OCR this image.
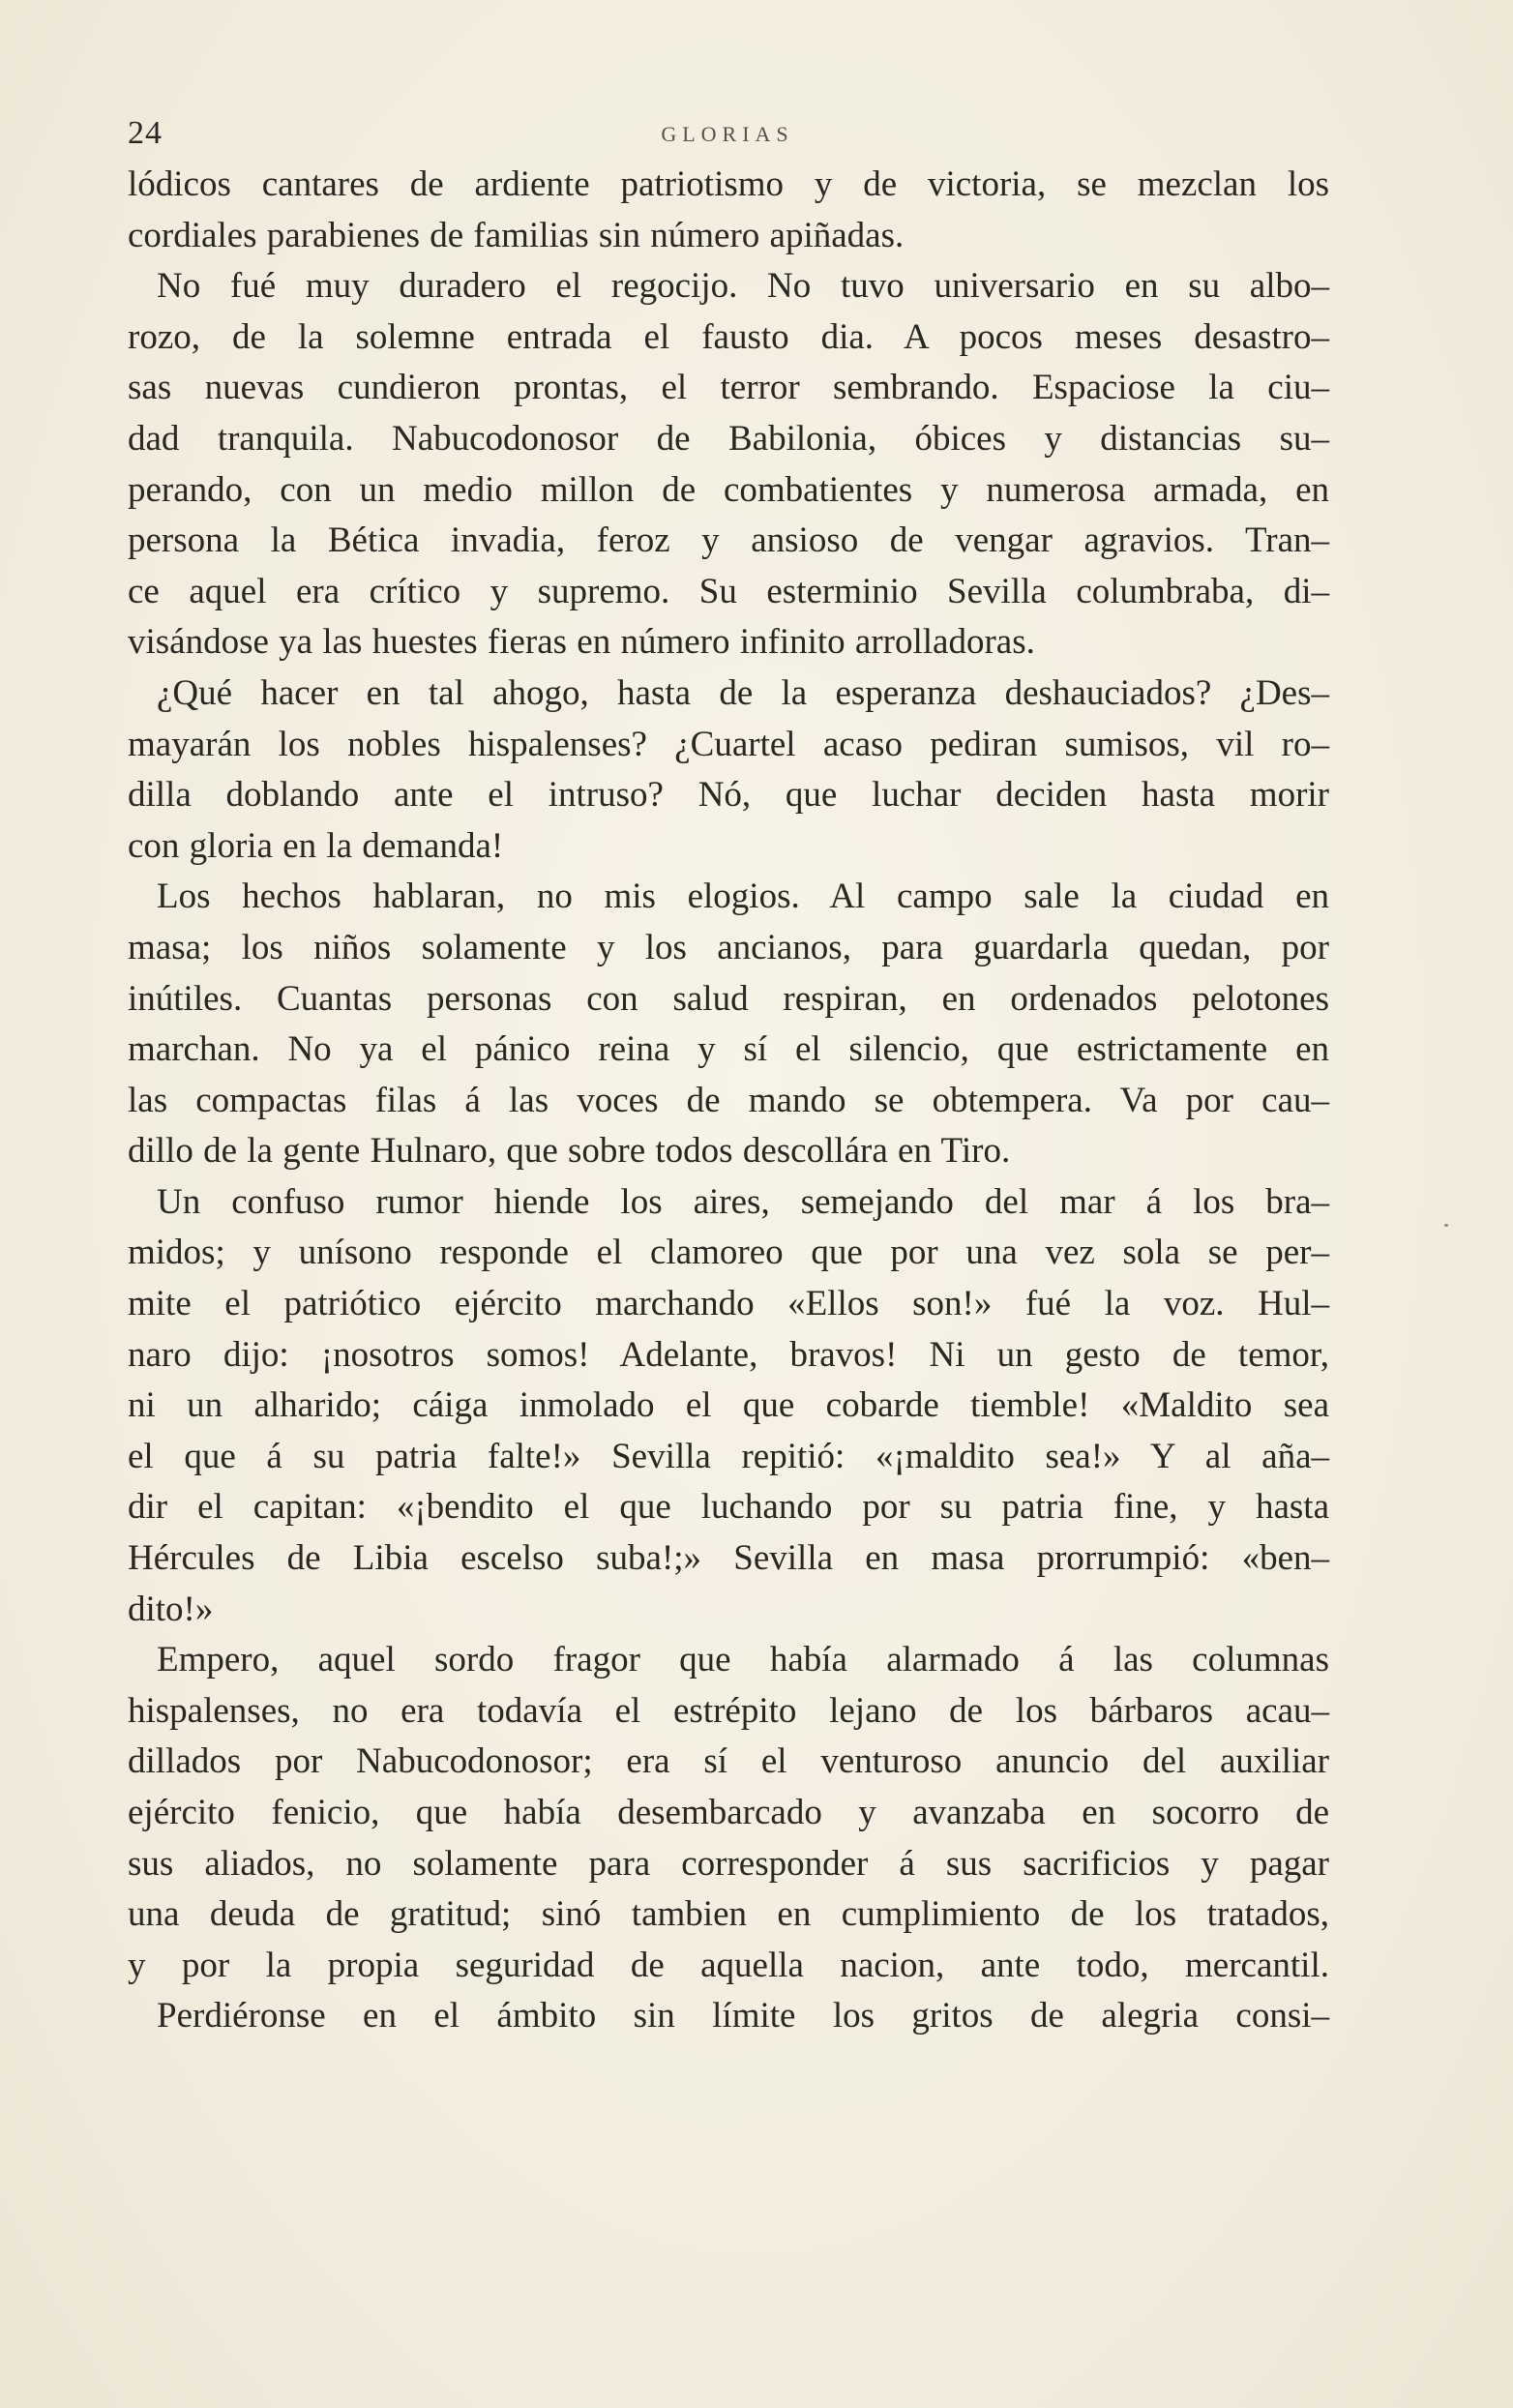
24	GLORIAS

lódicos cantares de ardiente patriotismo y de victoria, se mezclan los

cordiales parabienes de familias sin número apiñadas.

No fué muy duradero el regocijo. No tuvo universario en su albo–

rozo, de la solemne entrada el fausto dia. A pocos meses desastro–

sas nuevas cundieron prontas, el terror sembrando. Espaciose la ciu–

dad tranquila. Nabucodonosor de Babilonia, óbices y distancias su–

perando, con un medio millon de combatientes y numerosa armada, en

persona la Bética invadia, feroz y ansioso de vengar agravios. Tran–

ce aquel era crítico y supremo. Su esterminio Sevilla columbraba, di–

visándose ya las huestes fieras en número infinito arrolladoras.

¿Qué hacer en tal ahogo, hasta de la esperanza deshauciados? ¿Des–

mayarán los nobles hispalenses? ¿Cuartel acaso pediran sumisos, vil ro–

dilla doblando ante el intruso? Nó, que luchar deciden hasta morir

con gloria en la demanda!

Los hechos hablaran, no mis elogios. Al campo sale la ciudad en

masa; los niños solamente y los ancianos, para guardarla quedan, por

inútiles. Cuantas personas con salud respiran, en ordenados pelotones

marchan. No ya el pánico reina y sí el silencio, que estrictamente en

las compactas filas á las voces de mando se obtempera. Va por cau–

dillo de la gente Hulnaro, que sobre todos descollára en Tiro.

Un confuso rumor hiende los aires, semejando del mar á los bra–

midos; y unísono responde el clamoreo que por una vez sola se per–

mite el patriótico ejército marchando «Ellos son!» fué la voz. Hul–

naro dijo: ¡nosotros somos! Adelante, bravos! Ni un gesto de temor,

ni un alharido; cáiga inmolado el que cobarde tiemble! «Maldito sea

el que á su patria falte!» Sevilla repitió: «¡maldito sea!» Y al aña–

dir el capitan: «¡bendito el que luchando por su patria fine, y hasta

Hércules de Libia escelso suba!;» Sevilla en masa prorrumpió: «ben–

dito!»

Empero, aquel sordo fragor que había alarmado á las columnas

hispalenses, no era todavía el estrépito lejano de los bárbaros acau–

dillados por Nabucodonosor; era sí el venturoso anuncio del auxiliar

ejército fenicio, que había desembarcado y avanzaba en socorro de

sus aliados, no solamente para corresponder á sus sacrificios y pagar

una deuda de gratitud; sinó tambien en cumplimiento de los tratados,

y por la propia seguridad de aquella nacion, ante todo, mercantil.

Perdiéronse en el ámbito sin límite los gritos de alegria consi–
